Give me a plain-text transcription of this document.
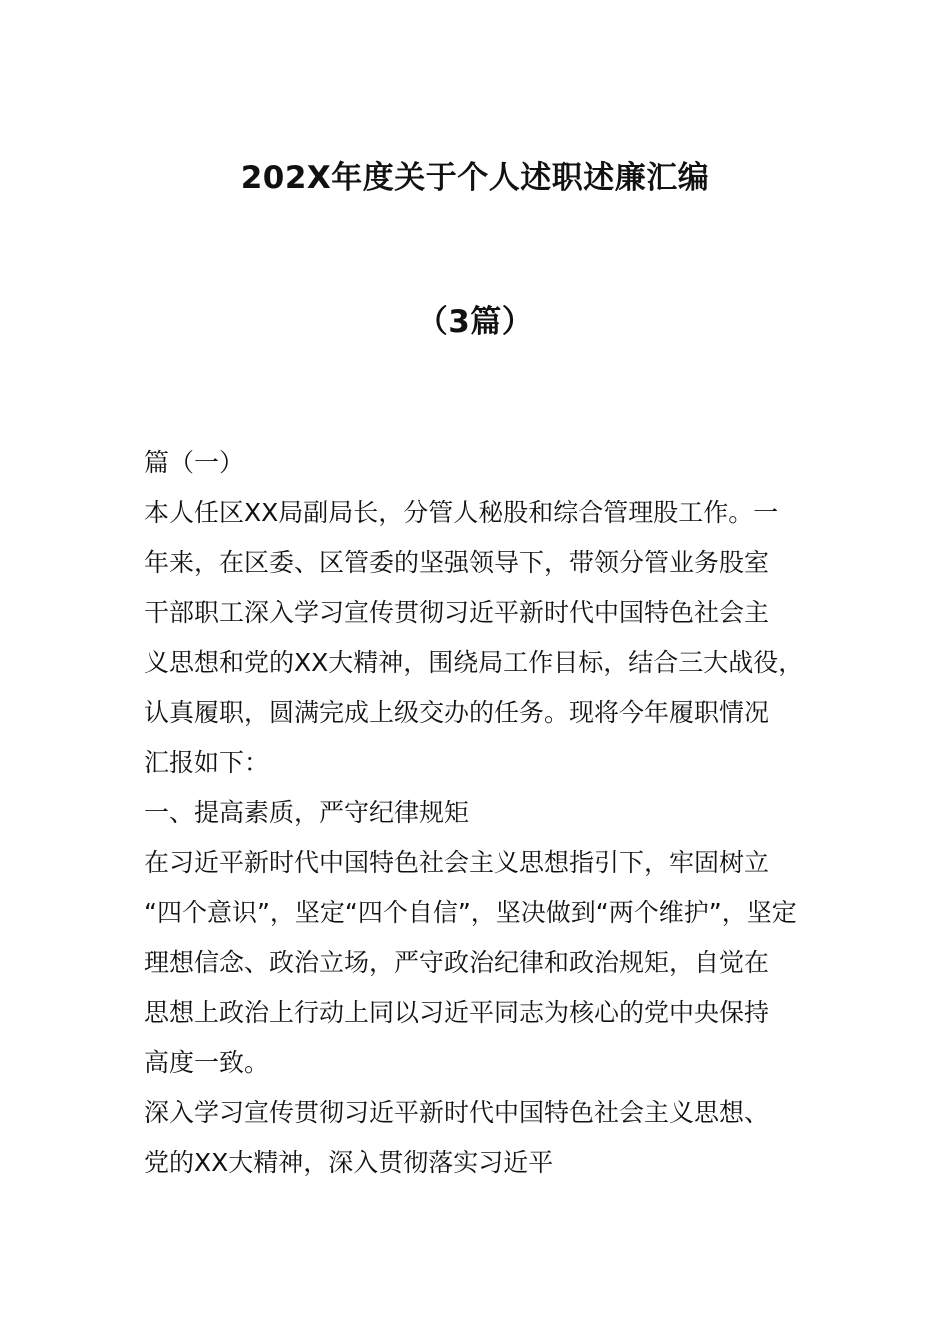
202X年度关于个人述职述廉汇编
（3篇）

篇（一）

本人任区XX局副局长，分管人秘股和综合管理股工作。一

年来，在区委、区管委的坚强领导下，带领分管业务股室

干部职工深入学习宣传贯彻习近平新时代中国特色社会主

义思想和党的XX大精神，围绕局工作目标，结合三大战役，

认真履职，圆满完成上级交办的任务。现将今年履职情况

汇报如下：

一、提高素质，严守纪律规矩

在习近平新时代中国特色社会主义思想指引下，牢固树立

“四个意识”，坚定“四个自信”，坚决做到“两个维护”，坚定

理想信念、政治立场，严守政治纪律和政治规矩，自觉在

思想上政治上行动上同以习近平同志为核心的党中央保持

高度一致。

深入学习宣传贯彻习近平新时代中国特色社会主义思想、

党的XX大精神，深入贯彻落实习近平
